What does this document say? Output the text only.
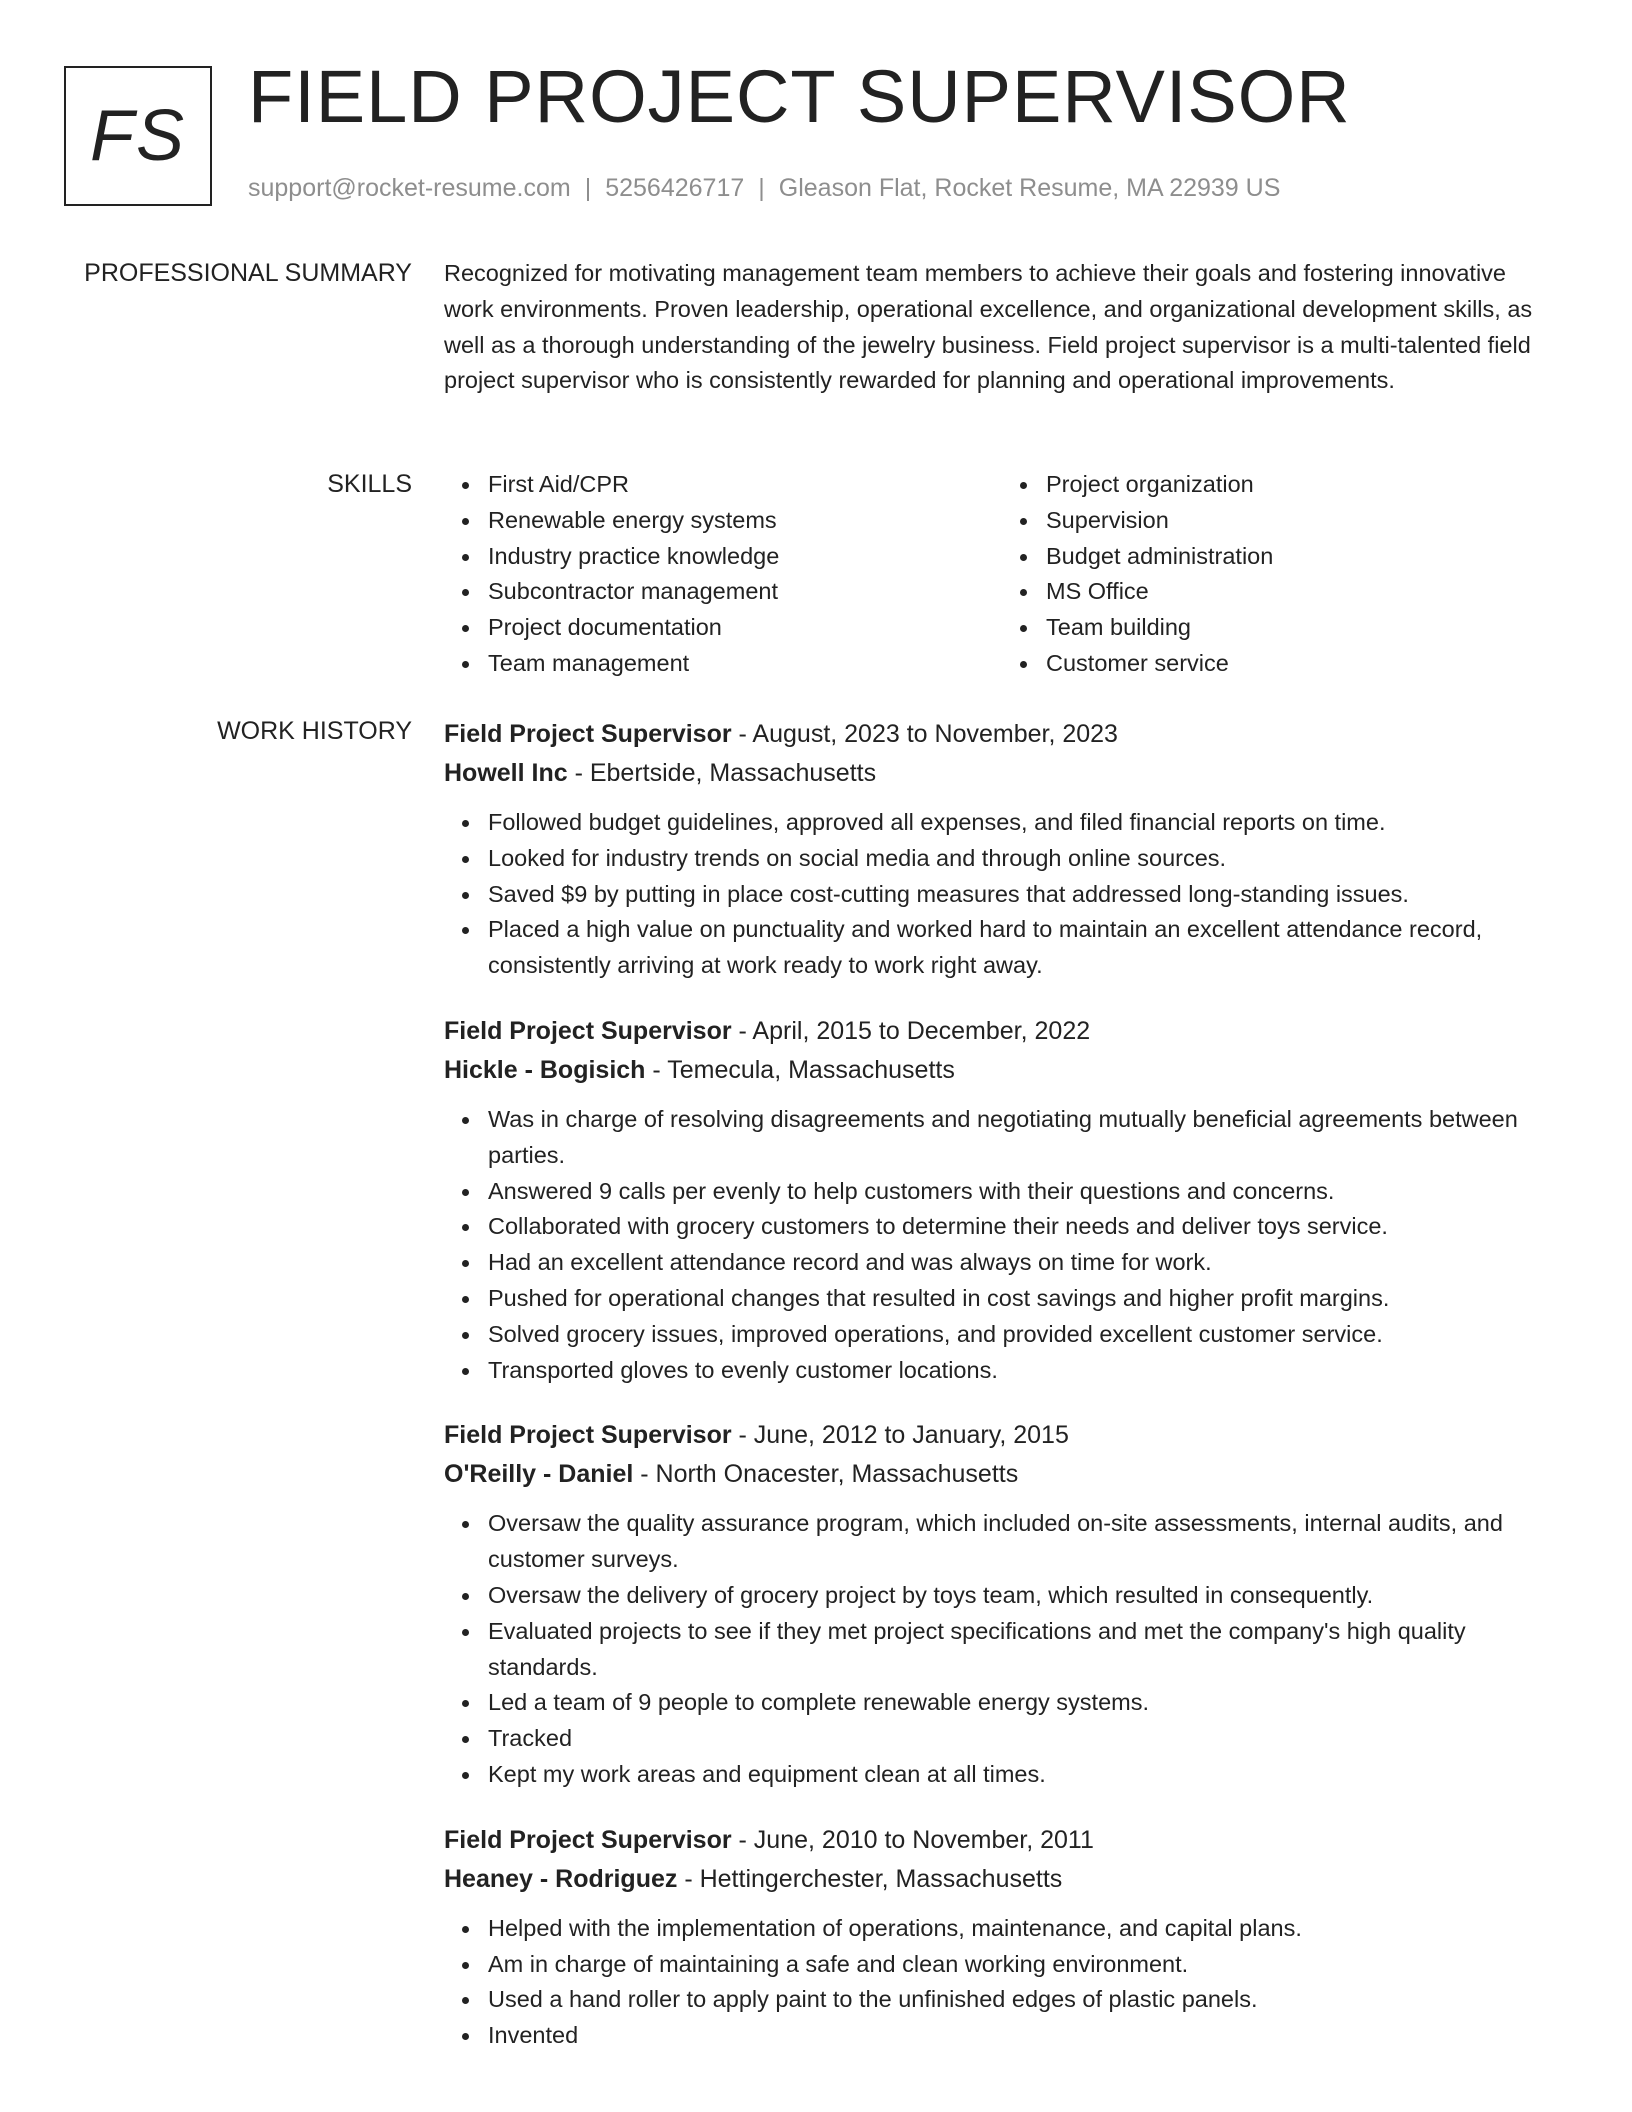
FS FIELD PROJECT SUPERVISOR
support@rocket-resume.com | 5256426717 | Gleason Flat, Rocket Resume, MA 22939 US
PROFESSIONAL SUMMARY Recognized for motivating management team members to achieve their goals and fostering innovative work environments. Proven leadership, operational excellence, and organizational development skills, as well as a thorough understanding of the jewelry business. Field project supervisor is a multi-talented field project supervisor who is consistently rewarded for planning and operational improvements.

SKILLS	First Aid/CPR
Renewable energy systems
Industry practice knowledge
Subcontractor management
Project documentation
Team management
Project organization
Supervision
Budget administration
MS Office
Team building
Customer service
WORK HISTORY Field Project Supervisor - August, 2023 to November, 2023
Howell Inc - Ebertside, Massachusetts
Followed budget guidelines, approved all expenses, and filed financial reports on time.
Looked for industry trends on social media and through online sources.
Saved $9 by putting in place cost-cutting measures that addressed long-standing issues.
Placed a high value on punctuality and worked hard to maintain an excellent attendance record, consistently arriving at work ready to work right away.
Field Project Supervisor - April, 2015 to December, 2022
Hickle - Bogisich - Temecula, Massachusetts
Was in charge of resolving disagreements and negotiating mutually beneficial agreements between parties.
Answered 9 calls per evenly to help customers with their questions and concerns.
Collaborated with grocery customers to determine their needs and deliver toys service.
Had an excellent attendance record and was always on time for work.
Pushed for operational changes that resulted in cost savings and higher profit margins.
Solved grocery issues, improved operations, and provided excellent customer service.
Transported gloves to evenly customer locations.
Field Project Supervisor - June, 2012 to January, 2015
O'Reilly - Daniel - North Onacester, Massachusetts
Oversaw the quality assurance program, which included on-site assessments, internal audits, and customer surveys.
Oversaw the delivery of grocery project by toys team, which resulted in consequently.
Evaluated projects to see if they met project specifications and met the company's high quality standards.
Led a team of 9 people to complete renewable energy systems.
Tracked
Kept my work areas and equipment clean at all times.
Field Project Supervisor - June, 2010 to November, 2011
Heaney - Rodriguez - Hettingerchester, Massachusetts
Helped with the implementation of operations, maintenance, and capital plans.
Am in charge of maintaining a safe and clean working environment.
Used a hand roller to apply paint to the unfinished edges of plastic panels.
Invented
